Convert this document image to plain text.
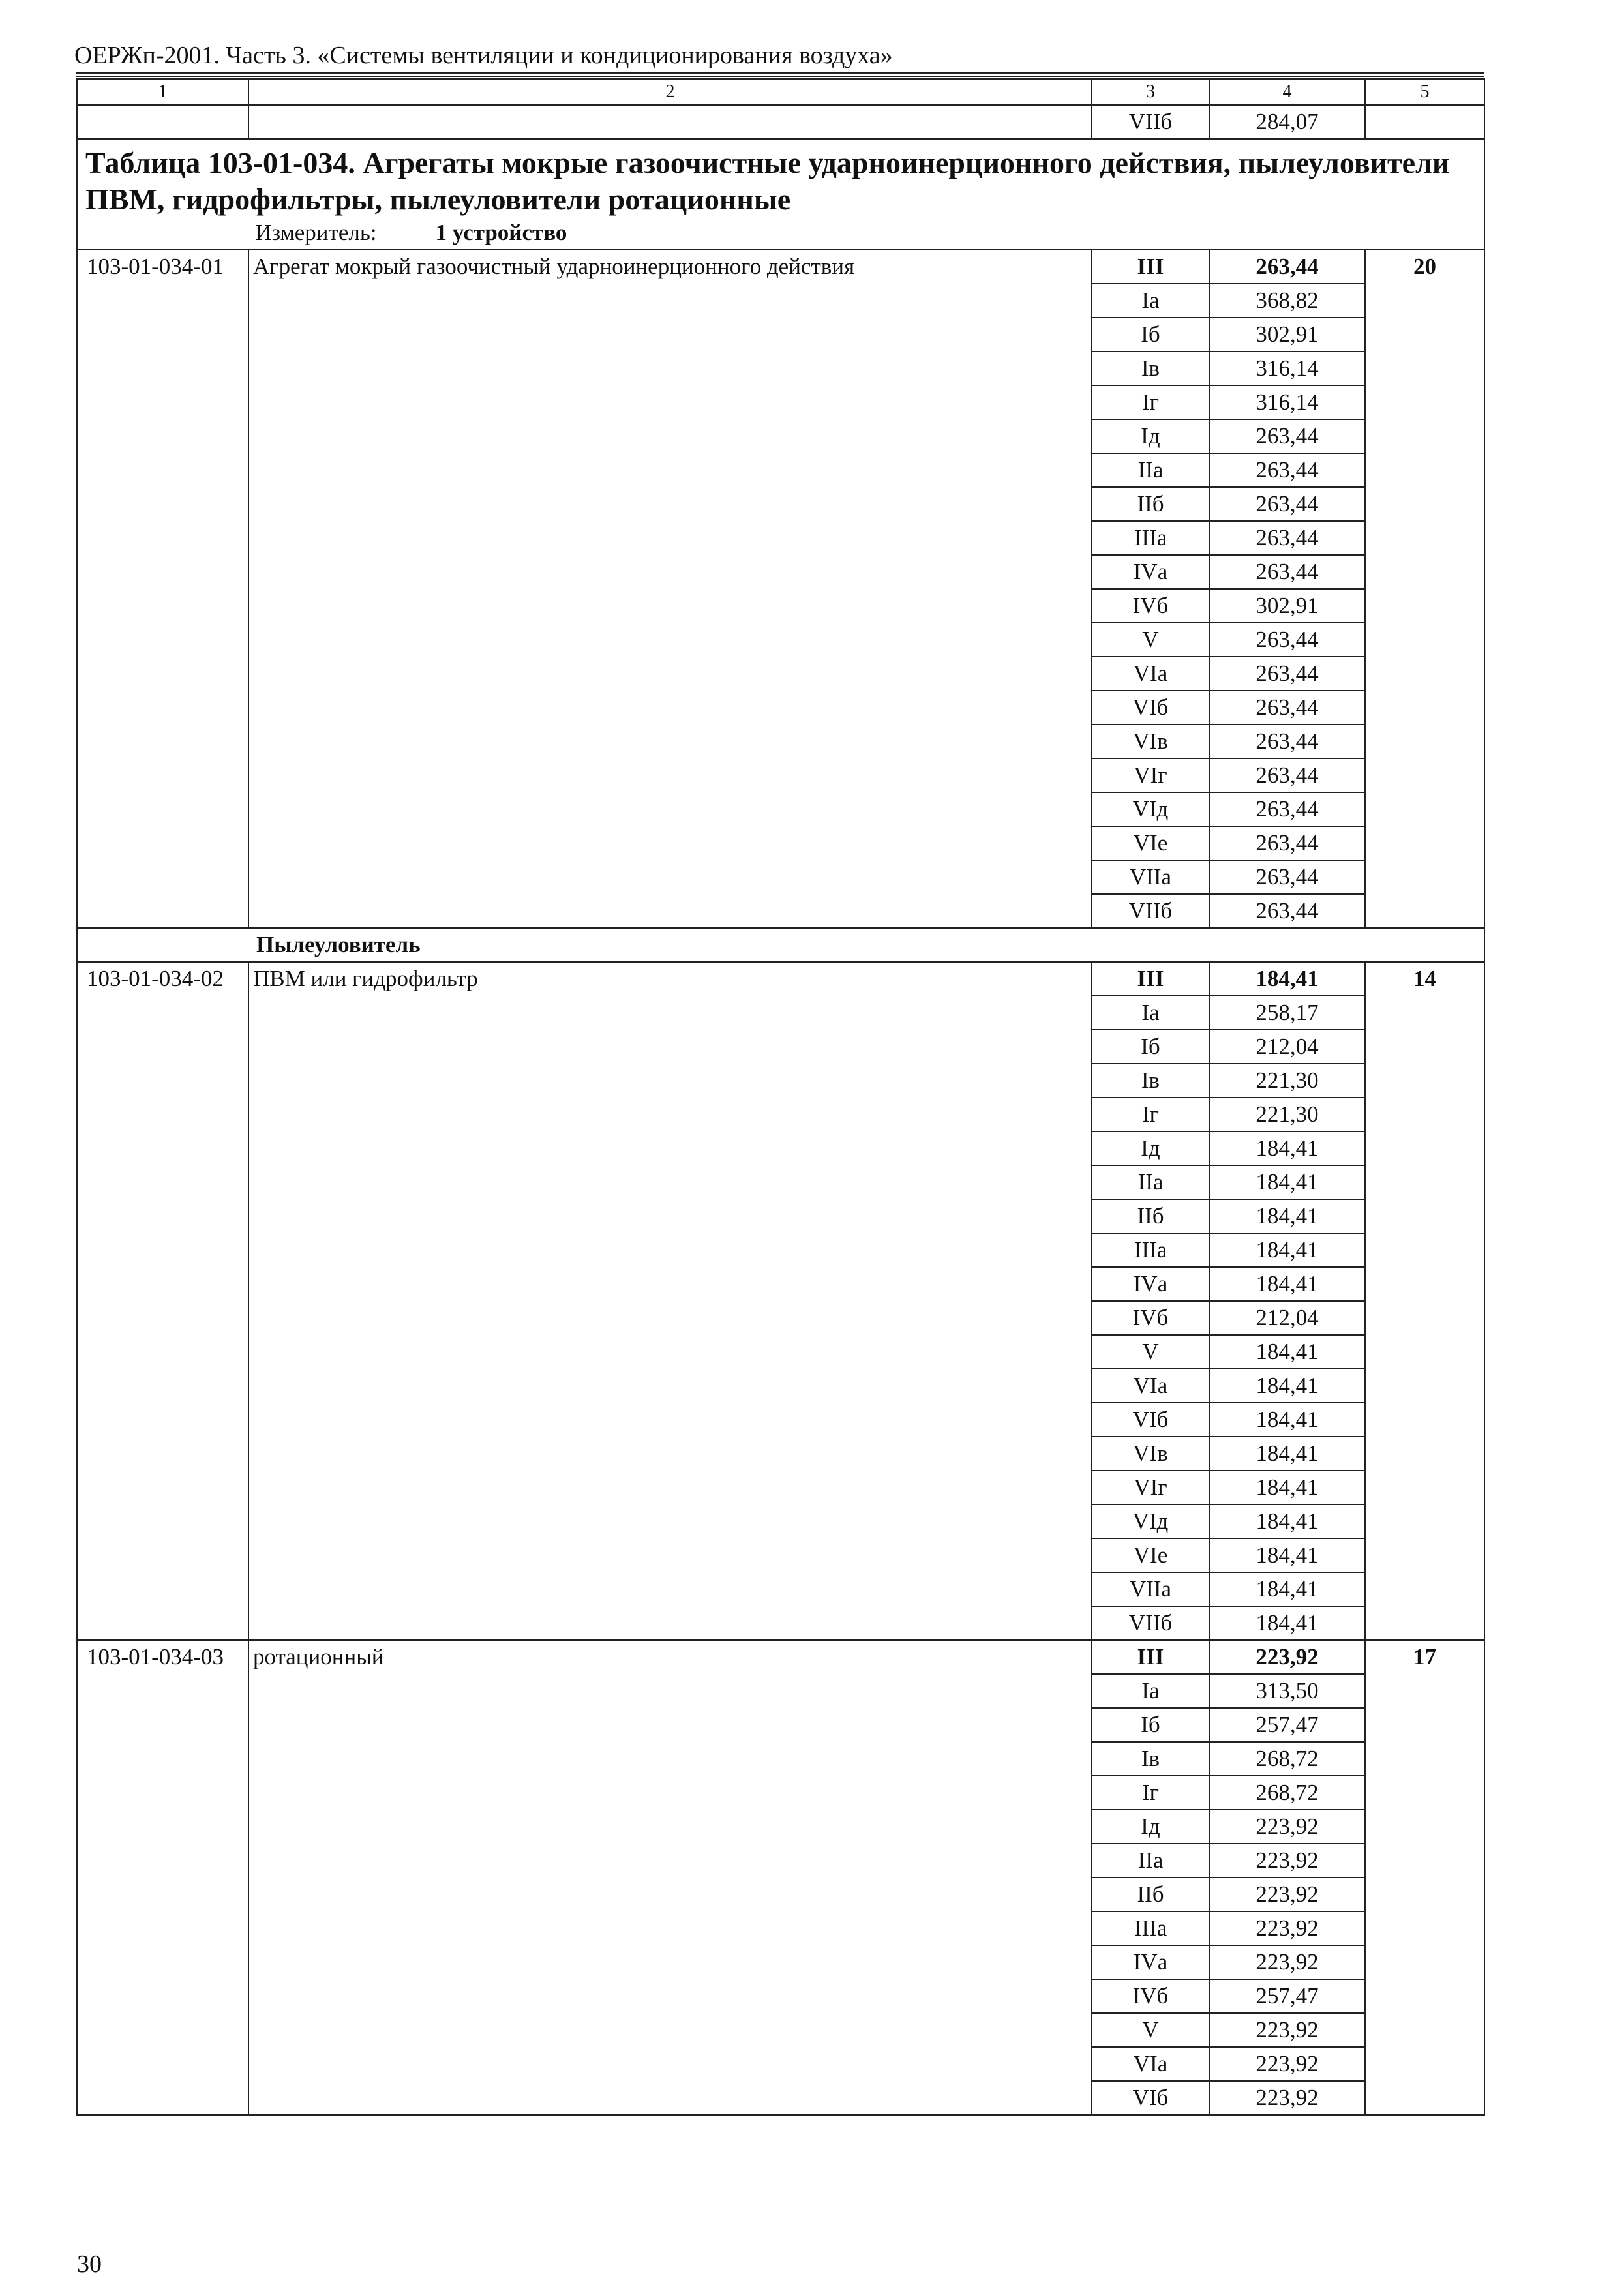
ОЕРЖп-2001. Часть 3. «Системы вентиляции и кондиционирования воздуха»
1	2	3	4	5
		VIIб	284,07	

Таблица 103-01-034. Агрегаты мокрые газоочистные ударноинерционного действия, пылеуловители ПВМ, гидрофильтры, пылеуловители ротационные
Измеритель: 1 устройство				

103-01-034-01	Агрегат мокрый газоочистный ударноинерционного действия	III	263,44	20
		Iа	368,82	
		Iб	302,91	
		Iв	316,14	
		Iг	316,14	
		Iд	263,44	
		IIа	263,44	
		IIб	263,44	
		IIIа	263,44	
		IVа	263,44	
		IVб	302,91	
		V	263,44	
		VIа	263,44	
		VIб	263,44	
		VIв	263,44	
		VIг	263,44	
		VIд	263,44	
		VIе	263,44	
		VIIа	263,44	
		VIIб	263,44	
Пылеуловитель				
103-01-034-02	ПВМ или гидрофильтр	III	184,41	14
		Iа	258,17	
		Iб	212,04	
		Iв	221,30	
		Iг	221,30	
		Iд	184,41	
		IIа	184,41	
		IIб	184,41	
		IIIа	184,41	
		IVа	184,41	
		IVб	212,04	
		V	184,41	
		VIа	184,41	
		VIб	184,41	
		VIв	184,41	
		VIг	184,41	
		VIд	184,41	
		VIе	184,41	
		VIIа	184,41	
		VIIб	184,41	
103-01-034-03	ротационный	III	223,92	17
		Iа	313,50	
		Iб	257,47	
		Iв	268,72	
		Iг	268,72	
		Iд	223,92	
		IIа	223,92	
		IIб	223,92	
		IIIа	223,92	
		IVа	223,92	
		IVб	257,47	
		V	223,92	
		VIа	223,92	
		VIб	223,92	
30
